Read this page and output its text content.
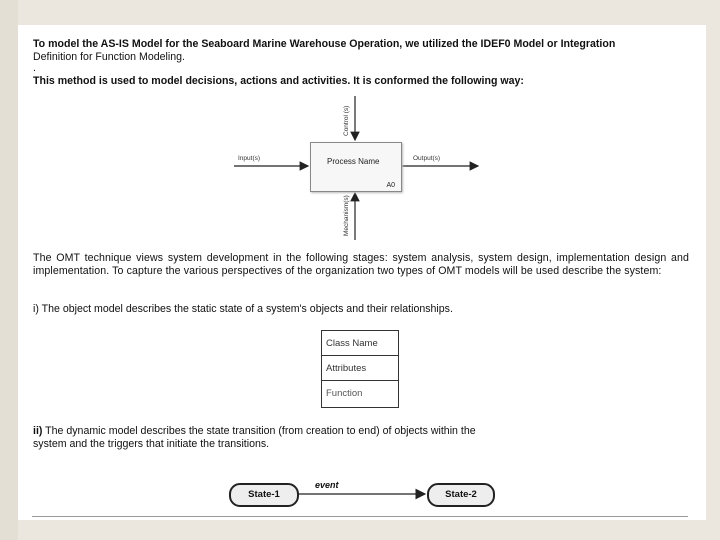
To model the AS-IS Model for the Seaboard Marine Warehouse Operation, we utilized the IDEF0 Model or Integration
Definition for Function Modeling.
.
This method is used to model decisions, actions and activities. It is conformed the following way:
Process Name
A0
Input(s)	Output(s)
Control (s)
Mechanism(s)
The OMT technique views system development in the following stages: system analysis, system design, implementation design and implementation. To capture the various perspectives of the organization two types of OMT models will be used describe the system:
i) The object model describes the static state of a system's objects and their relationships.
Class Name
Attributes
Function
ii) The dynamic model describes the state transition (from creation to end) of objects within the
system and the triggers that initiate the transitions.
State-1	State-2
event
